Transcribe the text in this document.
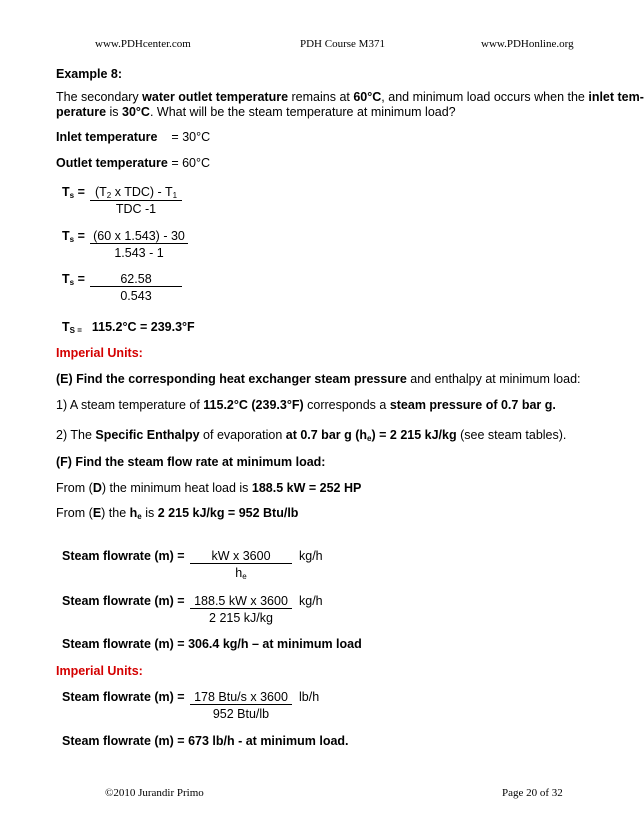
www.PDHcenter.com	PDH Course M371	www.PDHonline.org
Example 8:
The secondary water outlet temperature remains at 60°C, and minimum load occurs when the inlet tem-
perature is 30°C. What will be the steam temperature at minimum load?
Inlet temperature = 30°C
Outlet temperature = 60°C
$T_s = (T_2$ x $TDC) - T_1$
TDC -1
$T_s = (60$ x 1.543) - 30
1.543 - 1
$T_s$ =	62.58
0.543
$T_{S =}$ 115.2°C = 239.3°F
Imperial Units:
(E) Find the corresponding heat exchanger steam pressure and enthalpy at minimum load:
1) A steam temperature of 115.2°C (239.3°F) corresponds a steam pressure of 0.7 bar g.
2) The Specific Enthalpy of evaporation at 0.7 bar g $(h_e) = 2$ 215 kJ/kg (see steam tables).
(F) Find the steam flow rate at minimum load:
From (D) the minimum heat load is 188.5 kW = 252 HP
From (E) the $h_e$ is 2 215 kJ/kg = 952 Btu/lb
Steam flowrate (m) =	kW x 3600	kg/h
$h_e$
Steam flowrate (m) = 188.5 kW x 3600 kg/h
2 215 kJ/kg
Steam flowrate (m) = 306.4 kg/h – at minimum load
Imperial Units:
Steam flowrate (m) = 178 Btu/s x 3600 lb/h
952 Btu/lb
Steam flowrate (m) = 673 lb/h - at minimum load.
©2010 Jurandir Primo	Page 20 of 32
